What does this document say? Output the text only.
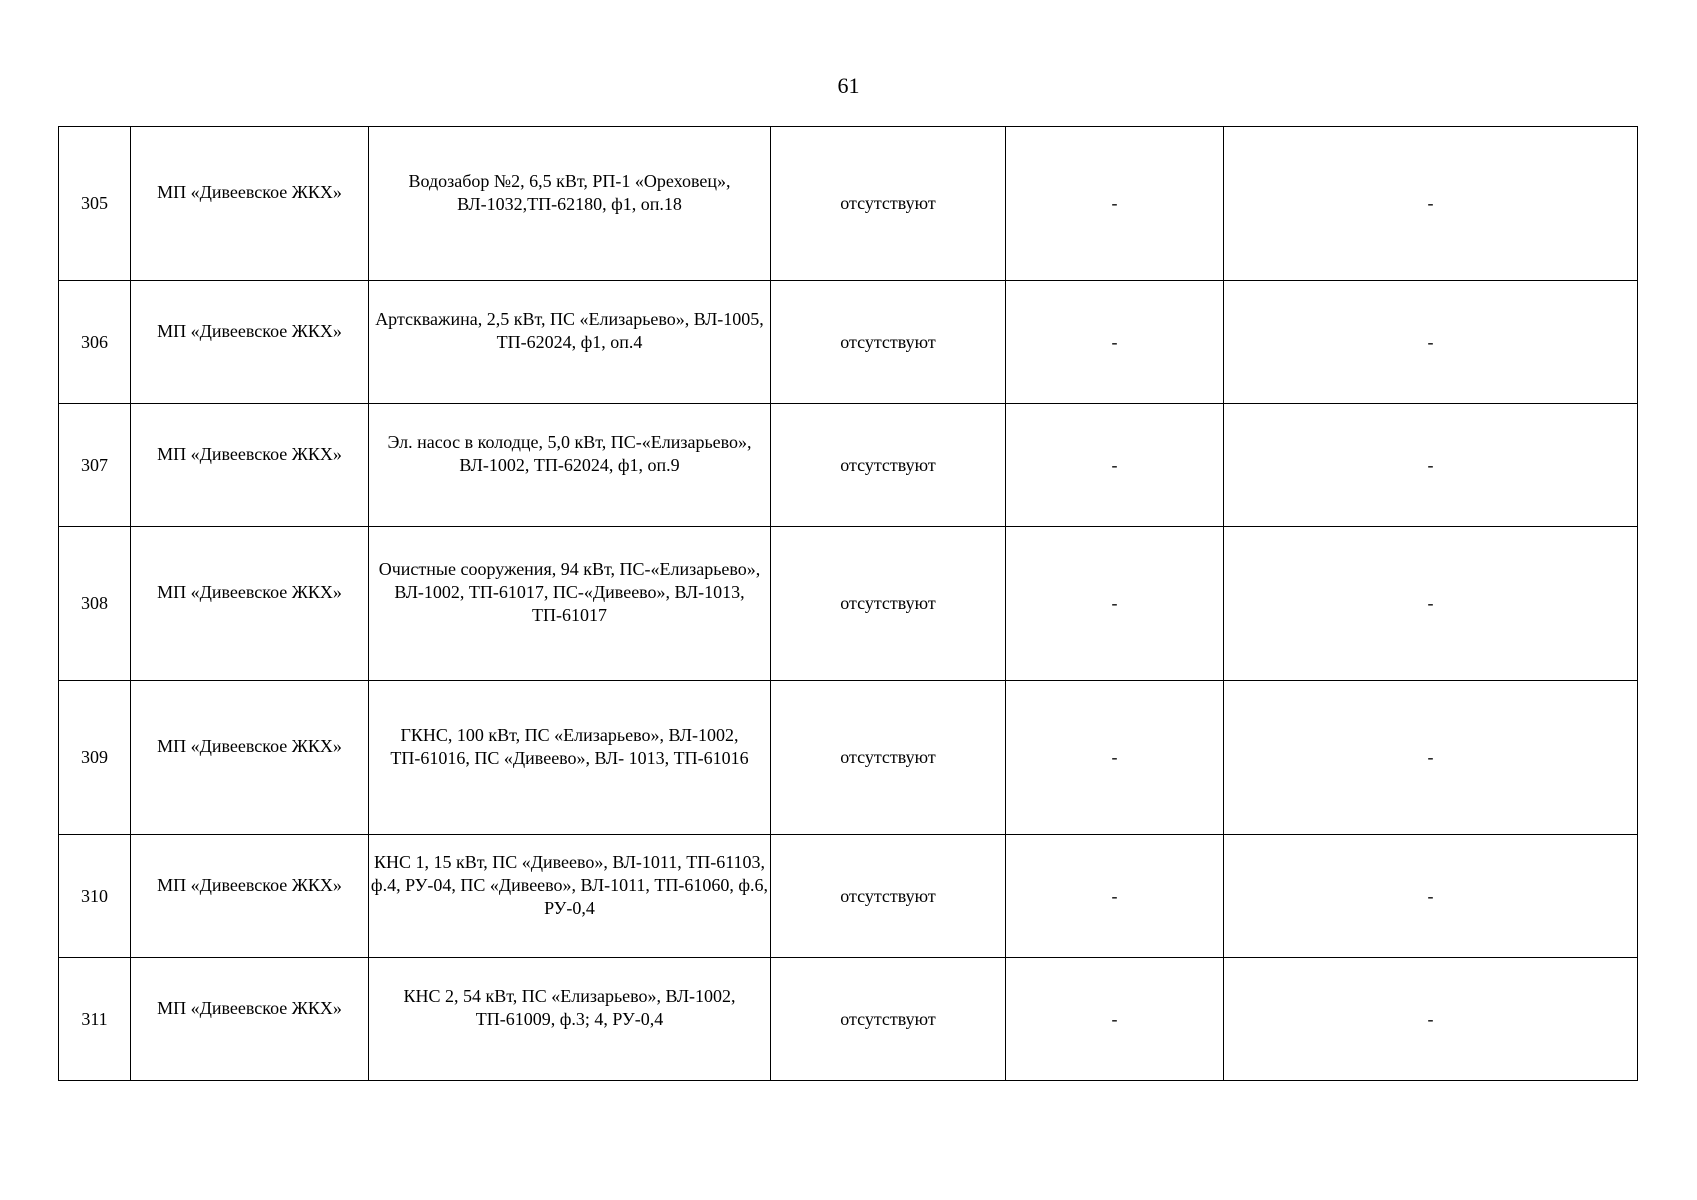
61
305	МП «Дивеевское ЖКХ»	Водозабор №2, 6,5 кВт, РП-1 «Ореховец», ВЛ-1032,ТП-62180, ф1, оп.18	отсутствуют	-	-
306	МП «Дивеевское ЖКХ»	Артскважина, 2,5 кВт, ПС «Елизарьево», ВЛ-1005, ТП-62024, ф1, оп.4	отсутствуют	-	-
307	МП «Дивеевское ЖКХ»	Эл. насос в колодце, 5,0 кВт, ПС-«Елизарьево», ВЛ-1002, ТП-62024, ф1, оп.9	отсутствуют	-	-
308	МП «Дивеевское ЖКХ»	Очистные сооружения, 94 кВт, ПС-«Елизарьево», ВЛ-1002, ТП-61017, ПС-«Дивеево», ВЛ-1013, ТП-61017	отсутствуют	-	-
309	МП «Дивеевское ЖКХ»	ГКНС, 100 кВт, ПС «Елизарьево», ВЛ-1002, ТП-61016, ПС «Дивеево», ВЛ- 1013, ТП-61016	отсутствуют	-	-
310	МП «Дивеевское ЖКХ»	КНС 1, 15 кВт, ПС «Дивеево», ВЛ-1011, ТП-61103, ф.4, РУ-04, ПС «Дивеево», ВЛ-1011, ТП-61060, ф.6, РУ-0,4	отсутствуют	-	-
311	МП «Дивеевское ЖКХ»	КНС 2, 54 кВт, ПС «Елизарьево», ВЛ-1002, ТП-61009, ф.3; 4, РУ-0,4	отсутствуют	-	-
